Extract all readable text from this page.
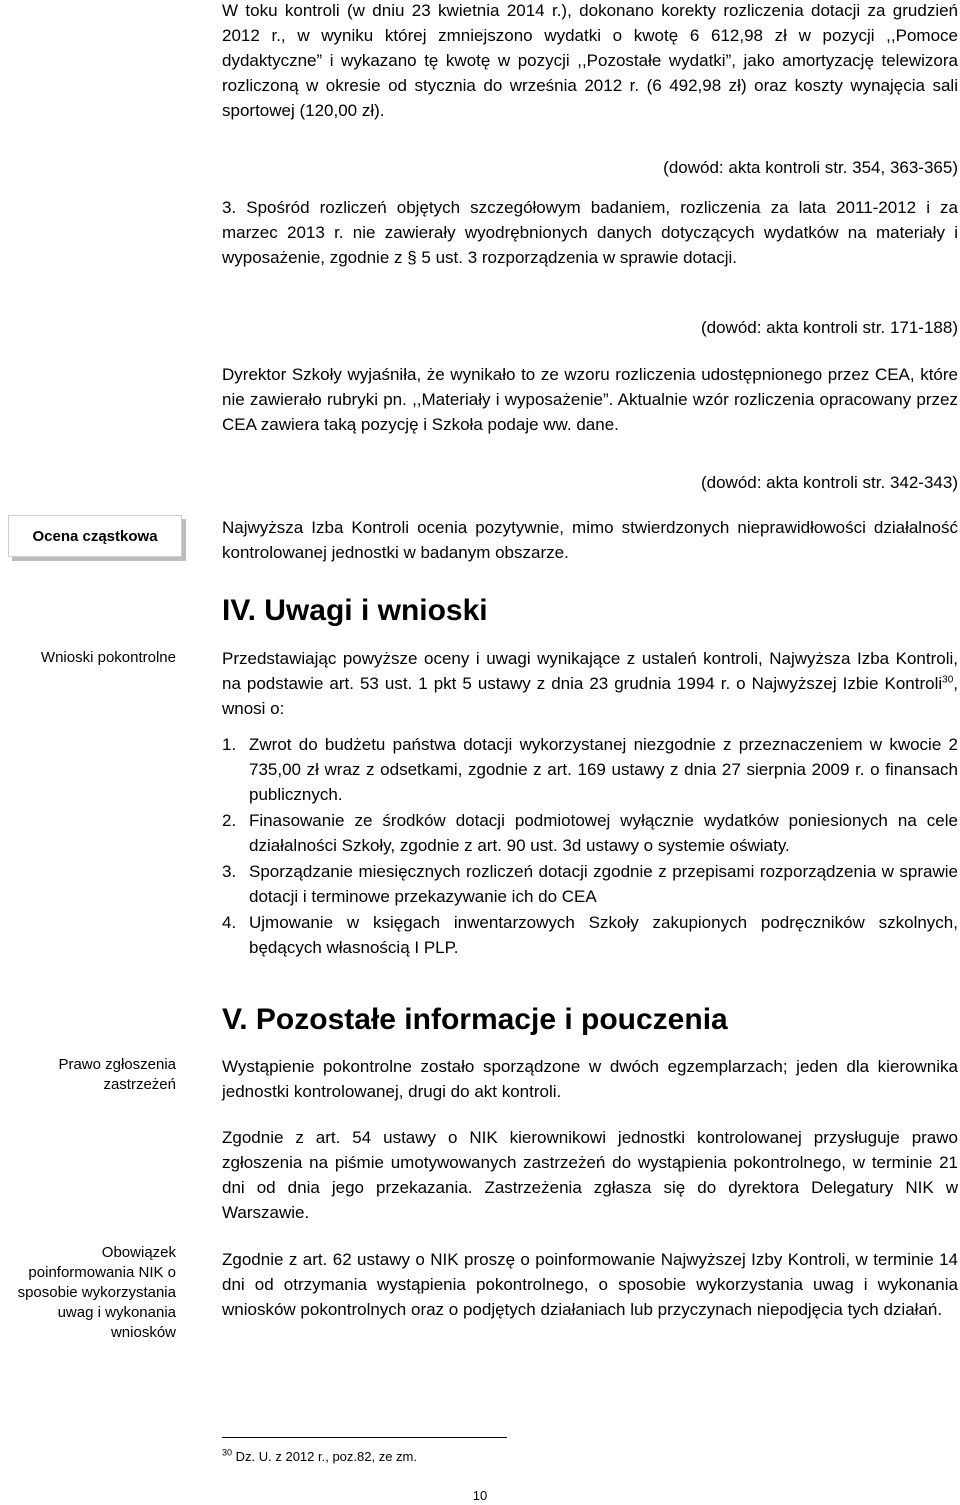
W toku kontroli (w dniu 23 kwietnia 2014 r.), dokonano korekty rozliczenia dotacji za grudzień 2012 r., w wyniku której zmniejszono wydatki o kwotę 6 612,98 zł w pozycji ,,Pomoce dydaktyczne” i wykazano tę kwotę w pozycji ,,Pozostałe wydatki”, jako amortyzację telewizora rozliczoną w okresie od stycznia do września 2012 r. (6 492,98 zł) oraz koszty wynajęcia sali sportowej (120,00 zł).
(dowód: akta kontroli str. 354, 363-365)
3. Spośród rozliczeń objętych szczegółowym badaniem, rozliczenia za lata 2011-2012 i za marzec 2013 r. nie zawierały wyodrębnionych danych dotyczących wydatków na materiały i wyposażenie, zgodnie z § 5 ust. 3 rozporządzenia w sprawie dotacji.
(dowód: akta kontroli str. 171-188)
Dyrektor Szkoły wyjaśniła, że wynikało to ze wzoru rozliczenia udostępnionego przez CEA, które nie zawierało rubryki pn. ,,Materiały i wyposażenie”. Aktualnie wzór rozliczenia opracowany przez CEA zawiera taką pozycję i Szkoła podaje ww. dane.
(dowód: akta kontroli str. 342-343)
Najwyższa Izba Kontroli ocenia pozytywnie, mimo stwierdzonych nieprawidłowości działalność kontrolowanej jednostki w badanym obszarze.
IV. Uwagi i wnioski
Przedstawiając powyższe oceny i uwagi wynikające z ustaleń kontroli, Najwyższa Izba Kontroli, na podstawie art. 53 ust. 1 pkt 5 ustawy z dnia 23 grudnia 1994 r. o Najwyższej Izbie Kontroli$^{30}$, wnosi o:
1. Zwrot do budżetu państwa dotacji wykorzystanej niezgodnie z przeznaczeniem w kwocie 2 735,00 zł wraz z odsetkami, zgodnie z art. 169 ustawy z dnia 27 sierpnia 2009 r. o finansach publicznych.
2. Finasowanie ze środków dotacji podmiotowej wyłącznie wydatków poniesionych na cele działalności Szkoły, zgodnie z art. 90 ust. 3d ustawy o systemie oświaty.
3. Sporządzanie miesięcznych rozliczeń dotacji zgodnie z przepisami rozporządzenia w sprawie dotacji i terminowe przekazywanie ich do CEA
4. Ujmowanie w księgach inwentarzowych Szkoły zakupionych podręczników szkolnych, będących własnością I PLP.
V. Pozostałe informacje i pouczenia
Wystąpienie pokontrolne zostało sporządzone w dwóch egzemplarzach; jeden dla kierownika jednostki kontrolowanej, drugi do akt kontroli.
Zgodnie z art. 54 ustawy o NIK kierownikowi jednostki kontrolowanej przysługuje prawo zgłoszenia na piśmie umotywowanych zastrzeżeń do wystąpienia pokontrolnego, w terminie 21 dni od dnia jego przekazania. Zastrzeżenia zgłasza się do dyrektora Delegatury NIK w Warszawie.
Zgodnie z art. 62 ustawy o NIK proszę o poinformowanie Najwyższej Izby Kontroli, w terminie 14 dni od otrzymania wystąpienia pokontrolnego, o sposobie wykorzystania uwag i wykonania wniosków pokontrolnych oraz o podjętych działaniach lub przyczynach niepodjęcia tych działań.
Ocena cząstkowa
Wnioski pokontrolne
Prawo zgłoszenia zastrzeżeń
Obowiązek poinformowania NIK o sposobie wykorzystania uwag i wykonania wniosków
$^{30}$ Dz. U. z 2012 r., poz.82, ze zm.
10
